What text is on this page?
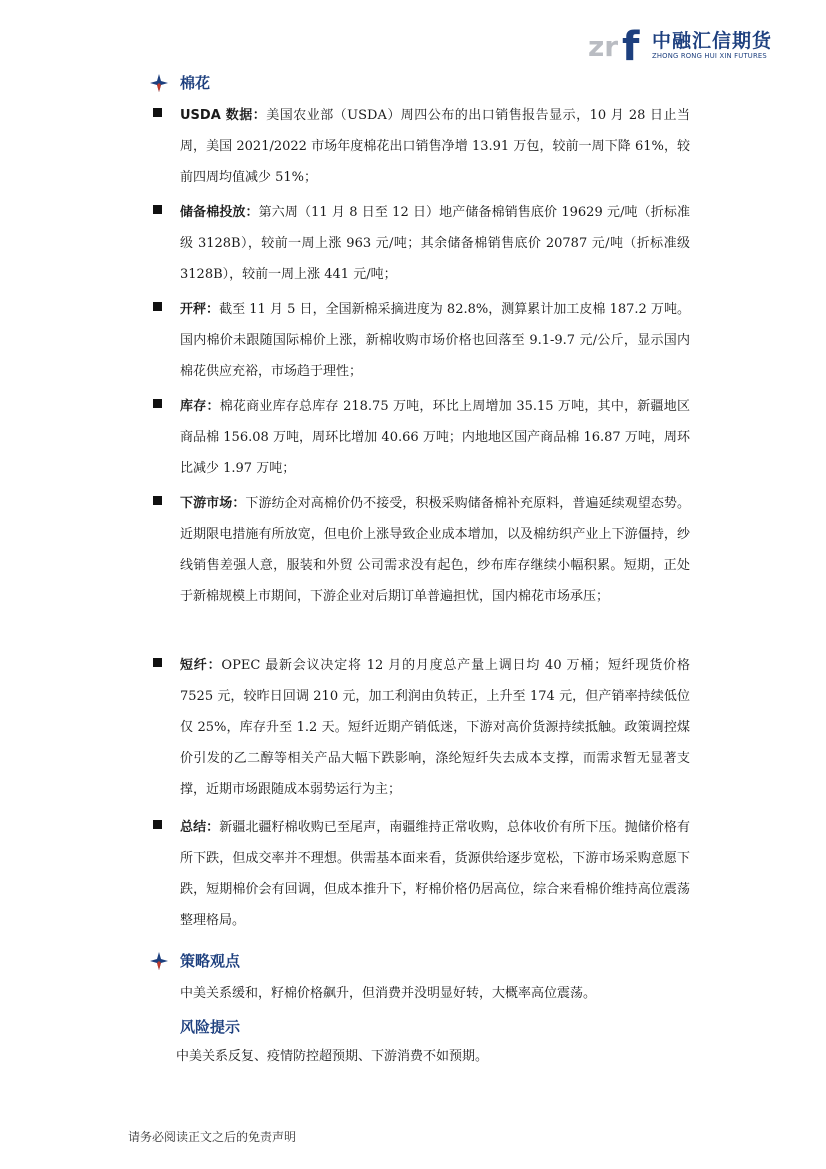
zr f 中融汇信期货
ZHONG RONG HUI XIN FUTURES
棉花

USDA 数据：美国农业部（USDA）周四公布的出口销售报告显示，10 月 28 日止当周，美国 2021/2022 市场年度棉花出口销售净增 13.91 万包，较前一周下降 61%，较前四周均值减少 51%；

储备棉投放：第六周（11 月 8 日至 12 日）地产储备棉销售底价 19629 元/吨（折标准级 3128B），较前一周上涨 963 元/吨；其余储备棉销售底价 20787 元/吨（折标准级 3128B），较前一周上涨 441 元/吨；

开秤：截至 11 月 5 日，全国新棉采摘进度为 82.8%，测算累计加工皮棉 187.2 万吨。 国内棉价未跟随国际棉价上涨，新棉收购市场价格也回落至 9.1-9.7 元/公斤，显示国内棉花供应充裕，市场趋于理性；

库存：棉花商业库存总库存 218.75 万吨，环比上周增加 35.15 万吨，其中，新疆地区商品棉 156.08 万吨，周环比增加 40.66 万吨；内地地区国产商品棉 16.87 万吨，周环比减少 1.97 万吨；

下游市场：下游纺企对高棉价仍不接受，积极采购储备棉补充原料，普遍延续观望态势。近期限电措施有所放宽，但电价上涨导致企业成本增加，以及棉纺织产业上下游僵持，纱线销售差强人意，服装和外贸 公司需求没有起色，纱布库存继续小幅积累。短期，正处于新棉规模上市期间，下游企业对后期订单普遍担忧，国内棉花市场承压；

短纤：OPEC 最新会议决定将 12 月的月度总产量上调日均 40 万桶；短纤现货价格 7525 元，较昨日回调 210 元，加工利润由负转正，上升至 174 元，但产销率持续低位仅 25%，库存升至 1.2 天。短纤近期产销低迷，下游对高价货源持续抵触。政策调控煤价引发的乙二醇等相关产品大幅下跌影响，涤纶短纤失去成本支撑，而需求暂无显著支撑，近期市场跟随成本弱势运行为主；

总结：新疆北疆籽棉收购已至尾声，南疆维持正常收购，总体收价有所下压。抛储价格有所下跌，但成交率并不理想。供需基本面来看，货源供给逐步宽松，下游市场采购意愿下跌，短期棉价会有回调，但成本推升下，籽棉价格仍居高位，综合来看棉价维持高位震荡整理格局。

策略观点
中美关系缓和，籽棉价格飙升，但消费并没明显好转，大概率高位震荡。
风险提示
中美关系反复、疫情防控超预期、下游消费不如预期。
请务必阅读正文之后的免责声明
